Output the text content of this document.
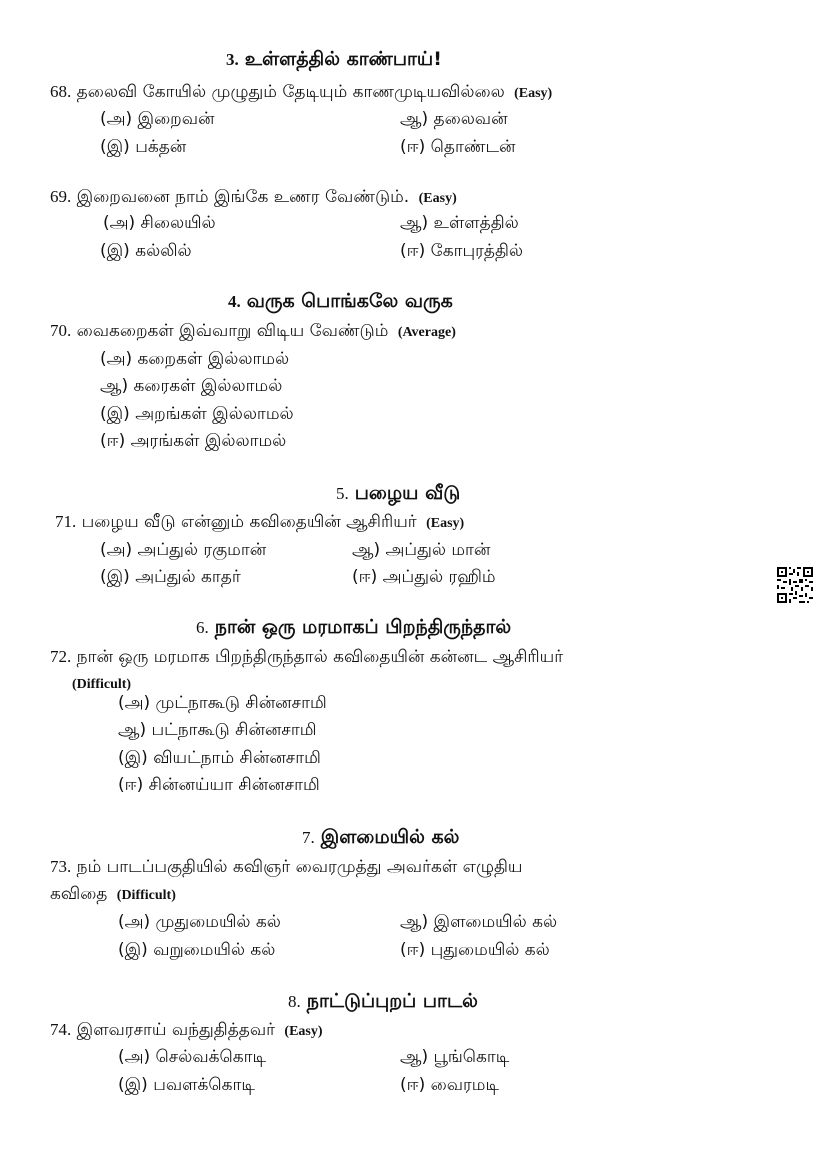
3. உள்ளத்தில் காண்பாய்!
68. தலைவி கோயில் முழுதும் தேடியும் காணமுடியவில்லை (Easy)
(அ) இறைவன்	ஆ) தலைவன்
(இ) பக்தன்	(ஈ) தொண்டன்
69. இறைவனை நாம் இங்கே உணர வேண்டும். (Easy)
(அ) சிலையில்	ஆ) உள்ளத்தில்
(இ) கல்லில்	(ஈ) கோபுரத்தில்
4. வருக பொங்கலே வருக
70. வைகறைகள் இவ்வாறு விடிய வேண்டும் (Average)
(அ) கறைகள் இல்லாமல்
ஆ) கரைகள் இல்லாமல்
(இ) அறங்கள் இல்லாமல்
(ஈ) அரங்கள் இல்லாமல்
5. பழைய வீடு
71. பழைய வீடு என்னும் கவிதையின் ஆசிரியர் (Easy)
(அ) அப்துல் ரகுமான்	ஆ) அப்துல் மான்
(இ) அப்துல் காதர்	(ஈ) அப்துல் ரஹிம்
6. நான் ஒரு மரமாகப் பிறந்திருந்தால்
72. நான் ஒரு மரமாக பிறந்திருந்தால் கவிதையின் கன்னட ஆசிரியர்
(Difficult)
(அ) முட்நாகூடு சின்னசாமி
ஆ) பட்நாகூடு சின்னசாமி
(இ) வியட்நாம் சின்னசாமி
(ஈ) சின்னய்யா சின்னசாமி
7. இளமையில் கல்
73. நம் பாடப்பகுதியில் கவிஞர் வைரமுத்து அவர்கள் எழுதிய
கவிதை (Difficult)
(அ) முதுமையில் கல்	ஆ) இளமையில் கல்
(இ) வறுமையில் கல்	(ஈ) புதுமையில் கல்
8. நாட்டுப்புறப் பாடல்
74. இளவரசாய் வந்துதித்தவர் (Easy)
(அ) செல்வக்கொடி	ஆ) பூங்கொடி
(இ) பவளக்கொடி	(ஈ) வைரமடி
